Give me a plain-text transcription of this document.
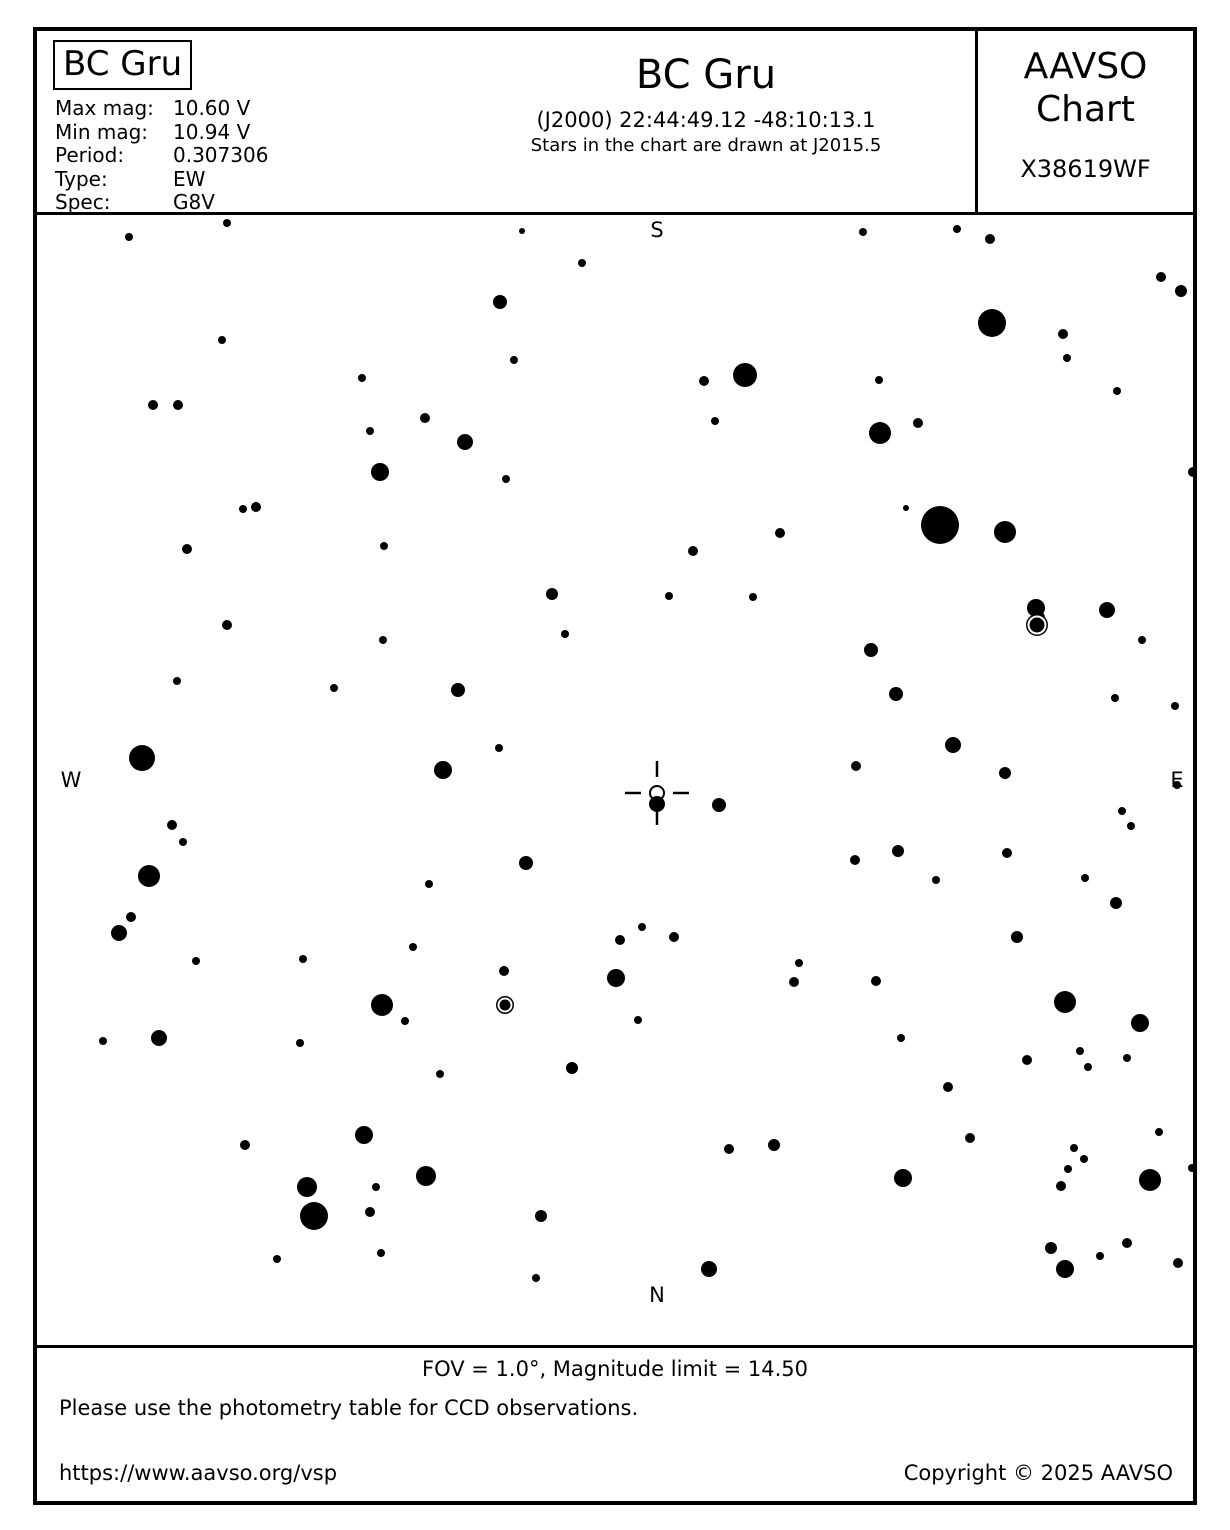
BC Gru
Max mag: 10.60 V
Min mag: 10.94 V
Period: 0.307306
Type:	EW
Spec:	G8V
BC Gru
(J2000) 22:44:49.12 -48:10:13.1
Stars in the chart are drawn at J2015.5
AAVSO
Chart
X38619WF
N
S
E
W
FOV = 1.0°, Magnitude limit = 14.50
Please use the photometry table for CCD observations.
https://www.aavso.org/vsp	Copyright © 2025 AAVSO
